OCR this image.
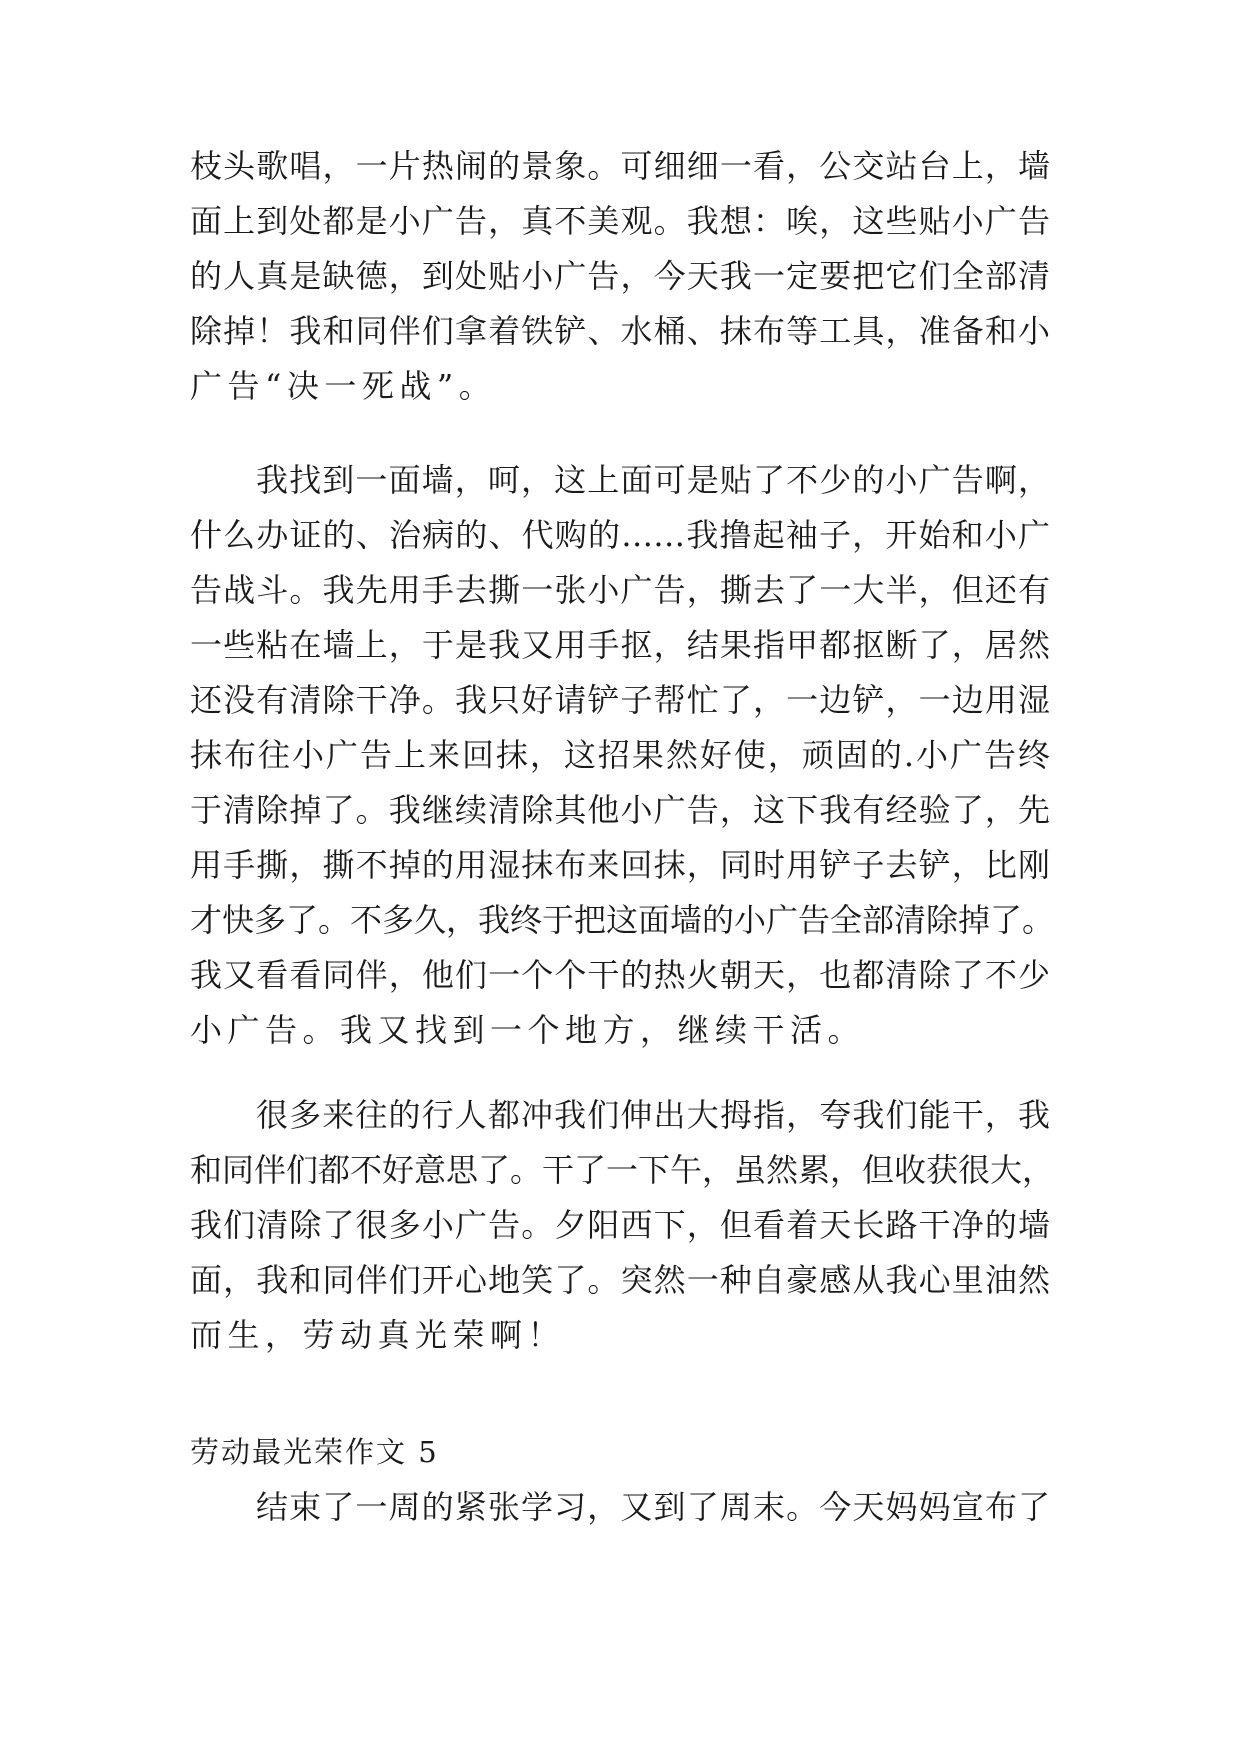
枝头歌唱，一片热闹的景象。可细细一看，公交站台上，墙
面上到处都是小广告，真不美观。我想：唉，这些贴小广告
的人真是缺德，到处贴小广告，今天我一定要把它们全部清
除掉！我和同伴们拿着铁铲、水桶、抹布等工具，准备和小
广告“决一死战”。
我找到一面墙，呵，这上面可是贴了不少的小广告啊，
什么办证的、治病的、代购的……我撸起袖子，开始和小广
告战斗。我先用手去撕一张小广告，撕去了一大半，但还有
一些粘在墙上，于是我又用手抠，结果指甲都抠断了，居然
还没有清除干净。我只好请铲子帮忙了，一边铲，一边用湿
抹布往小广告上来回抹，这招果然好使，顽固的.小广告终
于清除掉了。我继续清除其他小广告，这下我有经验了，先
用手撕，撕不掉的用湿抹布来回抹，同时用铲子去铲，比刚
才快多了。不多久，我终于把这面墙的小广告全部清除掉了。
我又看看同伴，他们一个个干的热火朝天，也都清除了不少
小广告。我又找到一个地方，继续干活。
很多来往的行人都冲我们伸出大拇指，夸我们能干，我
和同伴们都不好意思了。干了一下午，虽然累，但收获很大，
我们清除了很多小广告。夕阳西下，但看着天长路干净的墙
面，我和同伴们开心地笑了。突然一种自豪感从我心里油然
而生，劳动真光荣啊！
劳动最光荣作文 5
结束了一周的紧张学习，又到了周末。今天妈妈宣布了
